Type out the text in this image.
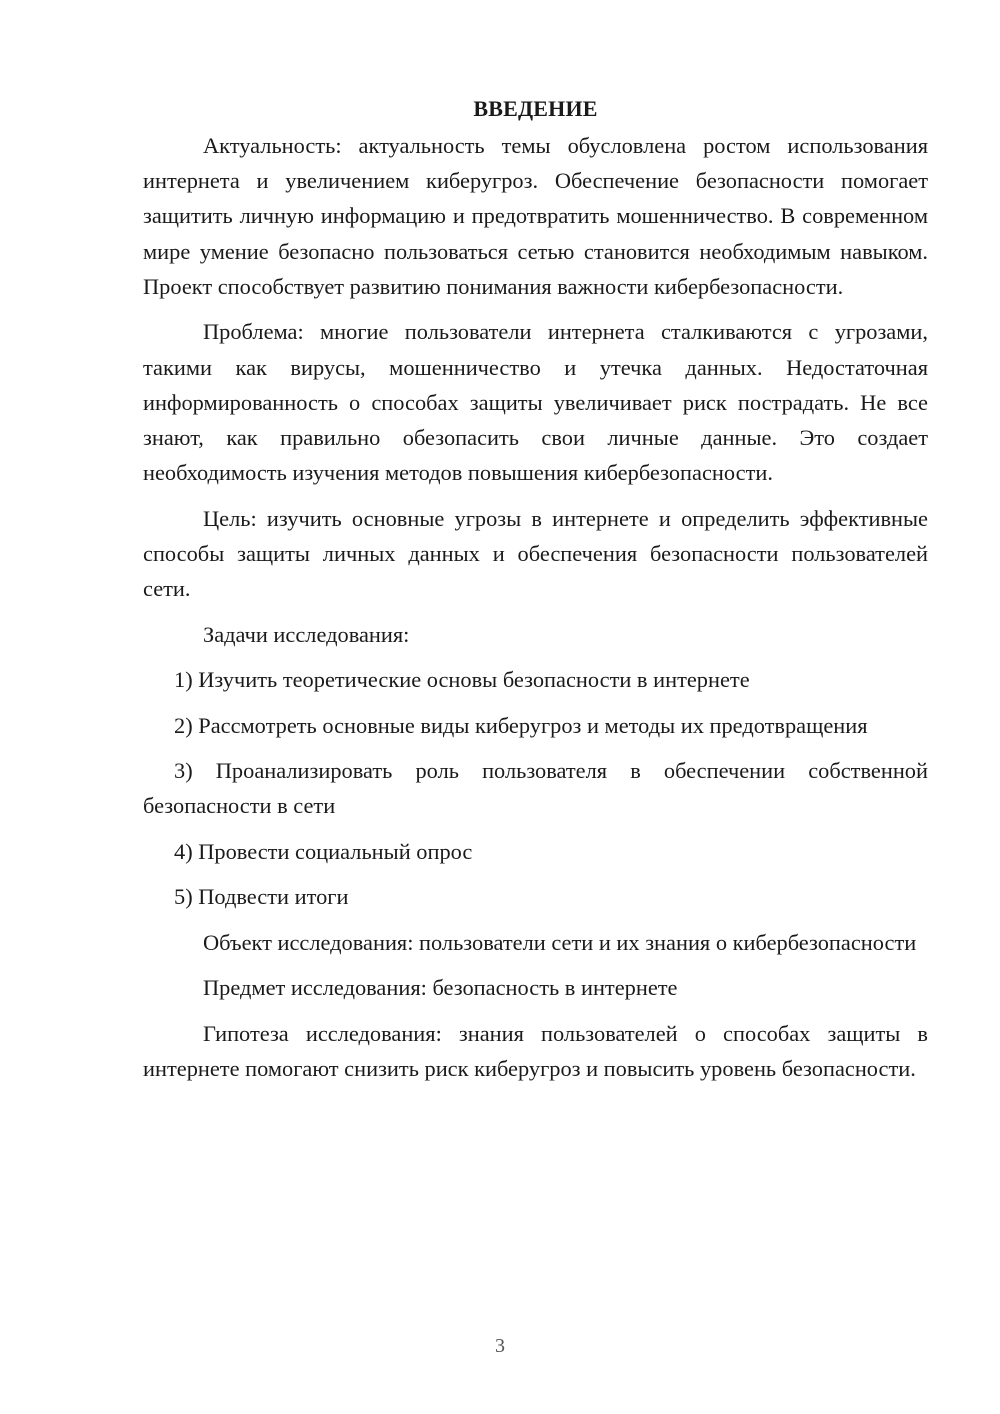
ВВЕДЕНИЕ

Актуальность: актуальность темы обусловлена ростом использования интернета и увеличением киберугроз. Обеспечение безопасности помогает защитить личную информацию и предотвратить мошенничество. В современном мире умение безопасно пользоваться сетью становится необходимым навыком. Проект способствует развитию понимания важности кибербезопасности.

Проблема: многие пользователи интернета сталкиваются с угрозами, такими как вирусы, мошенничество и утечка данных. Недостаточная информированность о способах защиты увеличивает риск пострадать. Не все знают, как правильно обезопасить свои личные данные. Это создает необходимость изучения методов повышения кибербезопасности.

Цель: изучить основные угрозы в интернете и определить эффективные способы защиты личных данных и обеспечения безопасности пользователей сети.

Задачи исследования:

1) Изучить теоретические основы безопасности в интернете

2) Рассмотреть основные виды киберугроз и методы их предотвращения

3) Проанализировать роль пользователя в обеспечении собственной безопасности в сети

4) Провести социальный опрос

5) Подвести итоги

Объект исследования: пользователи сети и их знания о кибербезопасности

Предмет исследования: безопасность в интернете

Гипотеза исследования: знания пользователей о способах защиты в интернете помогают снизить риск киберугроз и повысить уровень безопасности.

3
